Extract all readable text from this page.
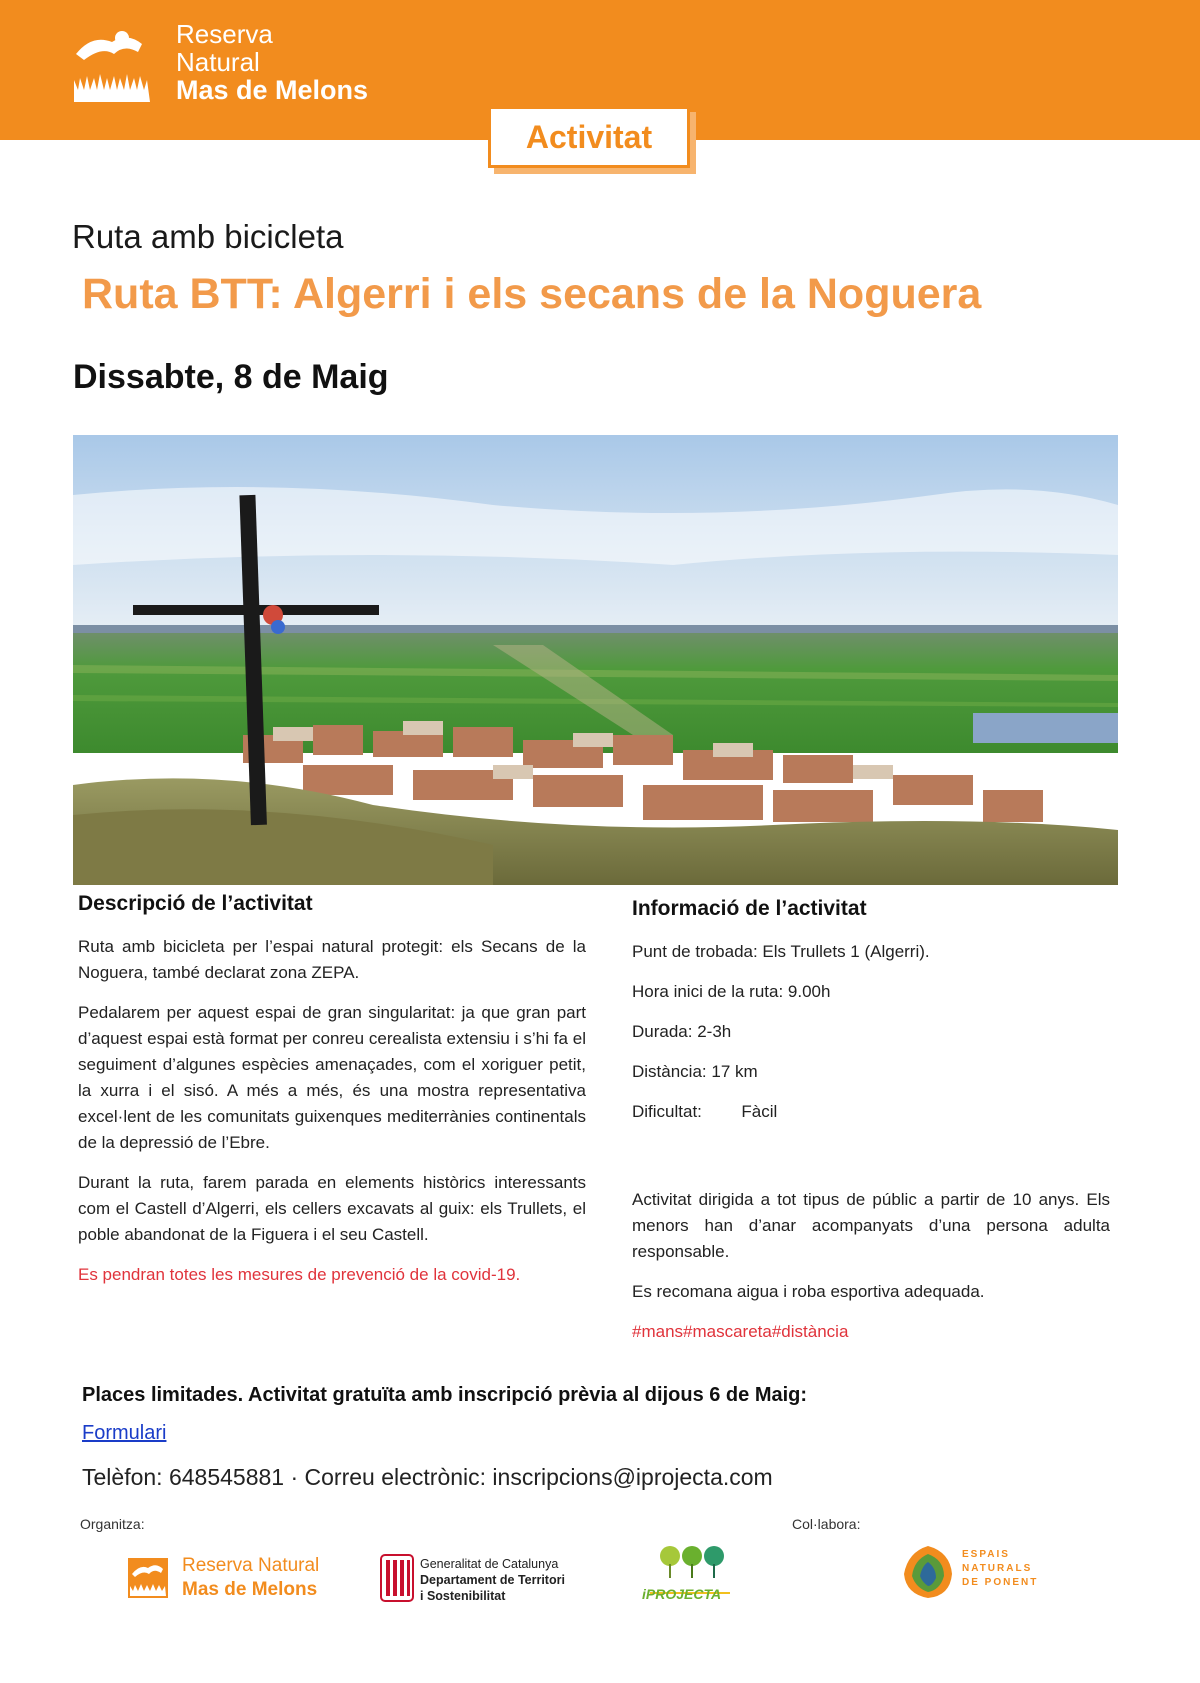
Reserva
Natural
Mas de Melons
Activitat
Ruta amb bicicleta
Ruta BTT: Algerri i els secans de la Noguera
Dissabte, 8 de Maig
Descripció de l’activitat

Ruta amb bicicleta per l’espai natural protegit: els Secans de la Noguera, també declarat zona ZEPA.

Pedalarem per aquest espai de gran singularitat: ja que gran part d’aquest espai està format per conreu cerealista extensiu i s’hi fa el seguiment d’algunes espècies amenaçades, com el xoriguer petit, la xurra i el sisó. A més a més, és una mostra representativa excel·lent de les comunitats guixenques mediterrànies continentals de la depressió de l’Ebre.

Durant la ruta, farem parada en elements històrics interessants com el Castell d’Algerri, els cellers excavats al guix: els Trullets, el poble abandonat de la Figuera i el seu Castell.

Es pendran totes les mesures de prevenció de la covid-19.

Informació de l’activitat
Punt de trobada: Els Trullets 1 (Algerri).
Hora inici de la ruta: 9.00h
Durada: 2-3h
Distància: 17 km
Dificultat: Fàcil

Activitat dirigida a tot tipus de públic a partir de 10 anys. Els menors han d’anar acompanyats d’una persona adulta responsable.

Es recomana aigua i roba esportiva adequada.

#mans#mascareta#distància

Places limitades. Activitat gratuïta amb inscripció prèvia al dijous 6 de Maig:
Formulari
Telèfon: 648545881 · Correu electrònic: inscripcions@iprojecta.com
Organitza:	Col·labora:
Reserva Natural
Mas de Melons
Generalitat de Catalunya
Departament de Territori
i Sostenibilitat	iPROJECTA
ESPAIS
NATURALS
DE PONENT
